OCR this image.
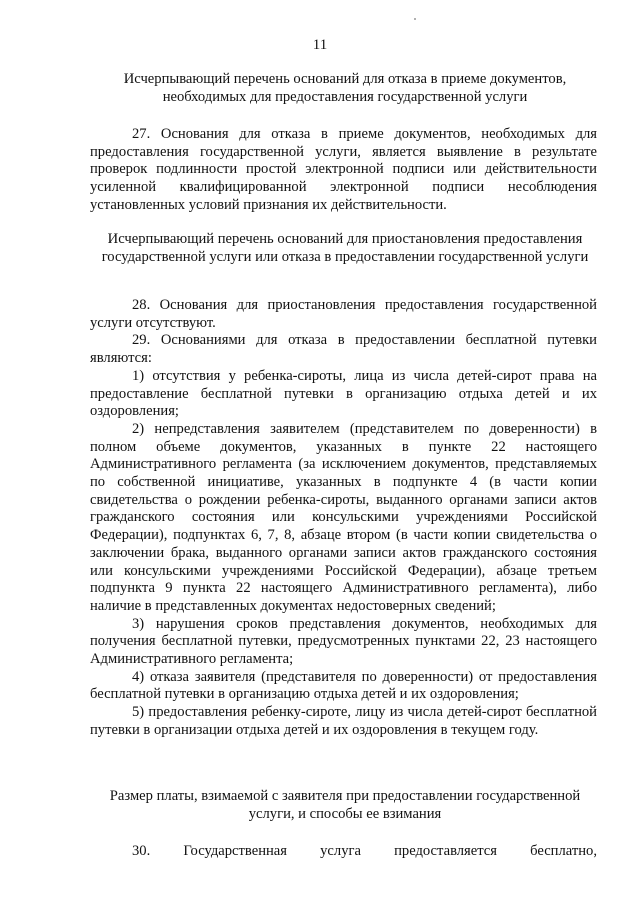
11
Исчерпывающий перечень оснований для отказа в приеме документов, необходимых для предоставления государственной услуги

27. Основания для отказа в приеме документов, необходимых для предоставления государственной услуги, является выявление в результате проверок подлинности простой электронной подписи или действительности усиленной квалифицированной электронной подписи несоблюдения установленных условий признания их действительности.

Исчерпывающий перечень оснований для приостановления предоставления государственной услуги или отказа в предоставлении государственной услуги

28. Основания для приостановления предоставления государственной услуги отсутствуют.

29. Основаниями для отказа в предоставлении бесплатной путевки являются:

1) отсутствия у ребенка-сироты, лица из числа детей-сирот права на предоставление бесплатной путевки в организацию отдыха детей и их оздоровления;

2) непредставления заявителем (представителем по доверенности) в полном объеме документов, указанных в пункте 22 настоящего Административного регламента (за исключением документов, представляемых по собственной инициативе, указанных в подпункте 4 (в части копии свидетельства о рождении ребенка-сироты, выданного органами записи актов гражданского состояния или консульскими учреждениями Российской Федерации), подпунктах 6, 7, 8, абзаце втором (в части копии свидетельства о заключении брака, выданного органами записи актов гражданского состояния или консульскими учреждениями Российской Федерации), абзаце третьем подпункта 9 пункта 22 настоящего Административного регламента), либо наличие в представленных документах недостоверных сведений;

3) нарушения сроков представления документов, необходимых для получения бесплатной путевки, предусмотренных пунктами 22, 23 настоящего Административного регламента;

4) отказа заявителя (представителя по доверенности) от предоставления бесплатной путевки в организацию отдыха детей и их оздоровления;

5) предоставления ребенку-сироте, лицу из числа детей-сирот бесплатной путевки в организации отдыха детей и их оздоровления в текущем году.

Размер платы, взимаемой с заявителя при предоставлении государственной услуги, и способы ее взимания

30. Государственная услуга предоставляется бесплатно,
